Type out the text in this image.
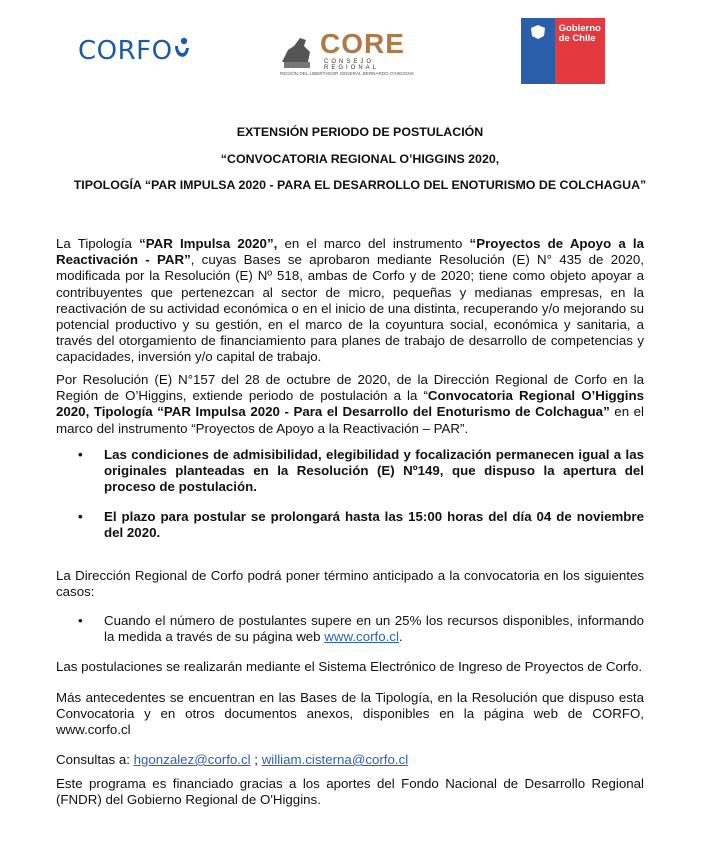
CORFO	CORE
CONSEJO REGIONAL
REGIÓN DEL LIBERTADOR GENERAL BERNARDO O'HIGGINS
Gobierno
de Chile
EXTENSIÓN PERIODO DE POSTULACIÓN
“CONVOCATORIA REGIONAL O’HIGGINS 2020,
TIPOLOGÍA “PAR IMPULSA 2020 - PARA EL DESARROLLO DEL ENOTURISMO DE COLCHAGUA”
La Tipología “PAR Impulsa 2020”, en el marco del instrumento “Proyectos de Apoyo a la Reactivación - PAR”, cuyas Bases se aprobaron mediante Resolución (E) N° 435 de 2020, modificada por la Resolución (E) Nº 518, ambas de Corfo y de 2020; tiene como objeto apoyar a contribuyentes que pertenezcan al sector de micro, pequeñas y medianas empresas, en la reactivación de su actividad económica o en el inicio de una distinta, recuperando y/o mejorando su potencial productivo y su gestión, en el marco de la coyuntura social, económica y sanitaria, a través del otorgamiento de financiamiento para planes de trabajo de desarrollo de competencias y capacidades, inversión y/o capital de trabajo.
Por Resolución (E) N°157 del 28 de octubre de 2020, de la Dirección Regional de Corfo en la Región de O’Higgins, extiende periodo de postulación a la “Convocatoria Regional O’Higgins 2020, Tipología “PAR Impulsa 2020 - Para el Desarrollo del Enoturismo de Colchagua” en el marco del instrumento “Proyectos de Apoyo a la Reactivación – PAR”.
• Las condiciones de admisibilidad, elegibilidad y focalización permanecen igual a las originales planteadas en la Resolución (E) Nº149, que dispuso la apertura del proceso de postulación.
• El plazo para postular se prolongará hasta las 15:00 horas del día 04 de noviembre del 2020.
La Dirección Regional de Corfo podrá poner término anticipado a la convocatoria en los siguientes casos:
• Cuando el número de postulantes supere en un 25% los recursos disponibles, informando la medida a través de su página web www.corfo.cl.
Las postulaciones se realizarán mediante el Sistema Electrónico de Ingreso de Proyectos de Corfo.
Más antecedentes se encuentran en las Bases de la Tipología, en la Resolución que dispuso esta Convocatoria y en otros documentos anexos, disponibles en la página web de CORFO, www.corfo.cl
Consultas a: hgonzalez@corfo.cl ; william.cisterna@corfo.cl
Este programa es financiado gracias a los aportes del Fondo Nacional de Desarrollo Regional (FNDR) del Gobierno Regional de O'Higgins.
